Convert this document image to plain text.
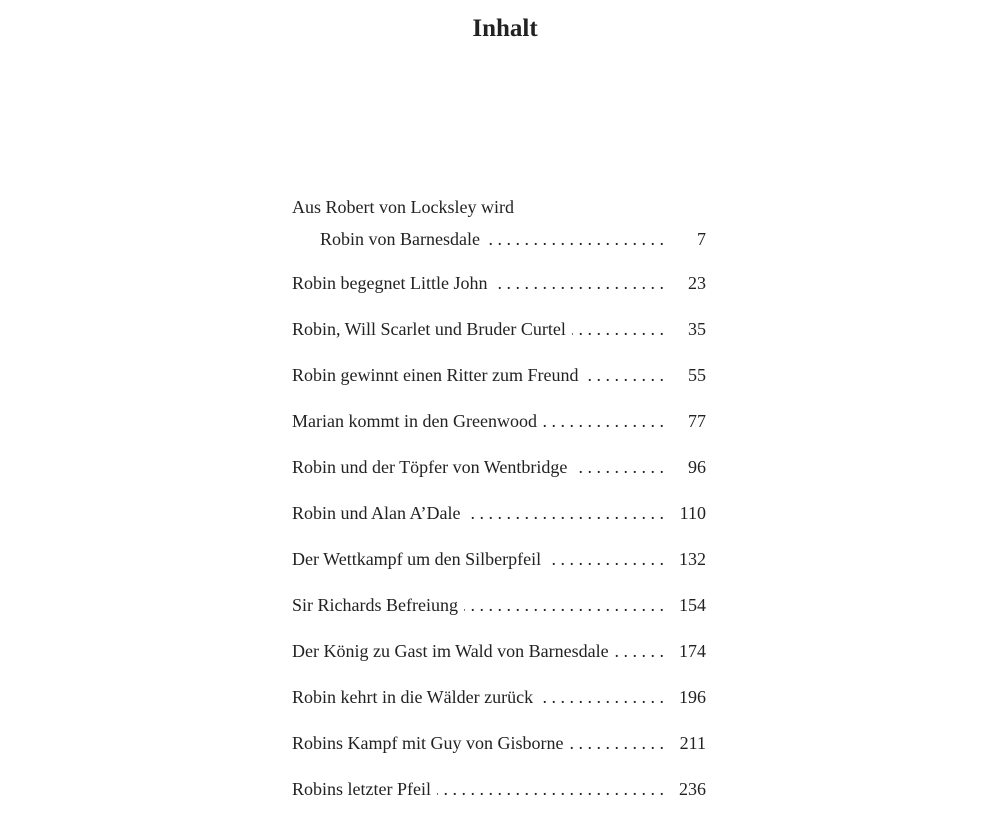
Inhalt
Aus Robert von Locksley wird
Robin von Barnesdale . . .	7
Robin begegnet Little John . . .	23
Robin, Will Scarlet und Bruder Curtel . . .	35
Robin gewinnt einen Ritter zum Freund . . .	55
Marian kommt in den Greenwood . . .	77
Robin und der Töpfer von Wentbridge . . .	96
Robin und Alan A’Dale . . .	110
Der Wettkampf um den Silberpfeil . . .	132
Sir Richards Befreiung . . .	154
Der König zu Gast im Wald von Barnesdale . . .	174
Robin kehrt in die Wälder zurück . . .	196
Robins Kampf mit Guy von Gisborne . . .	211
Robins letzter Pfeil . . .	236
